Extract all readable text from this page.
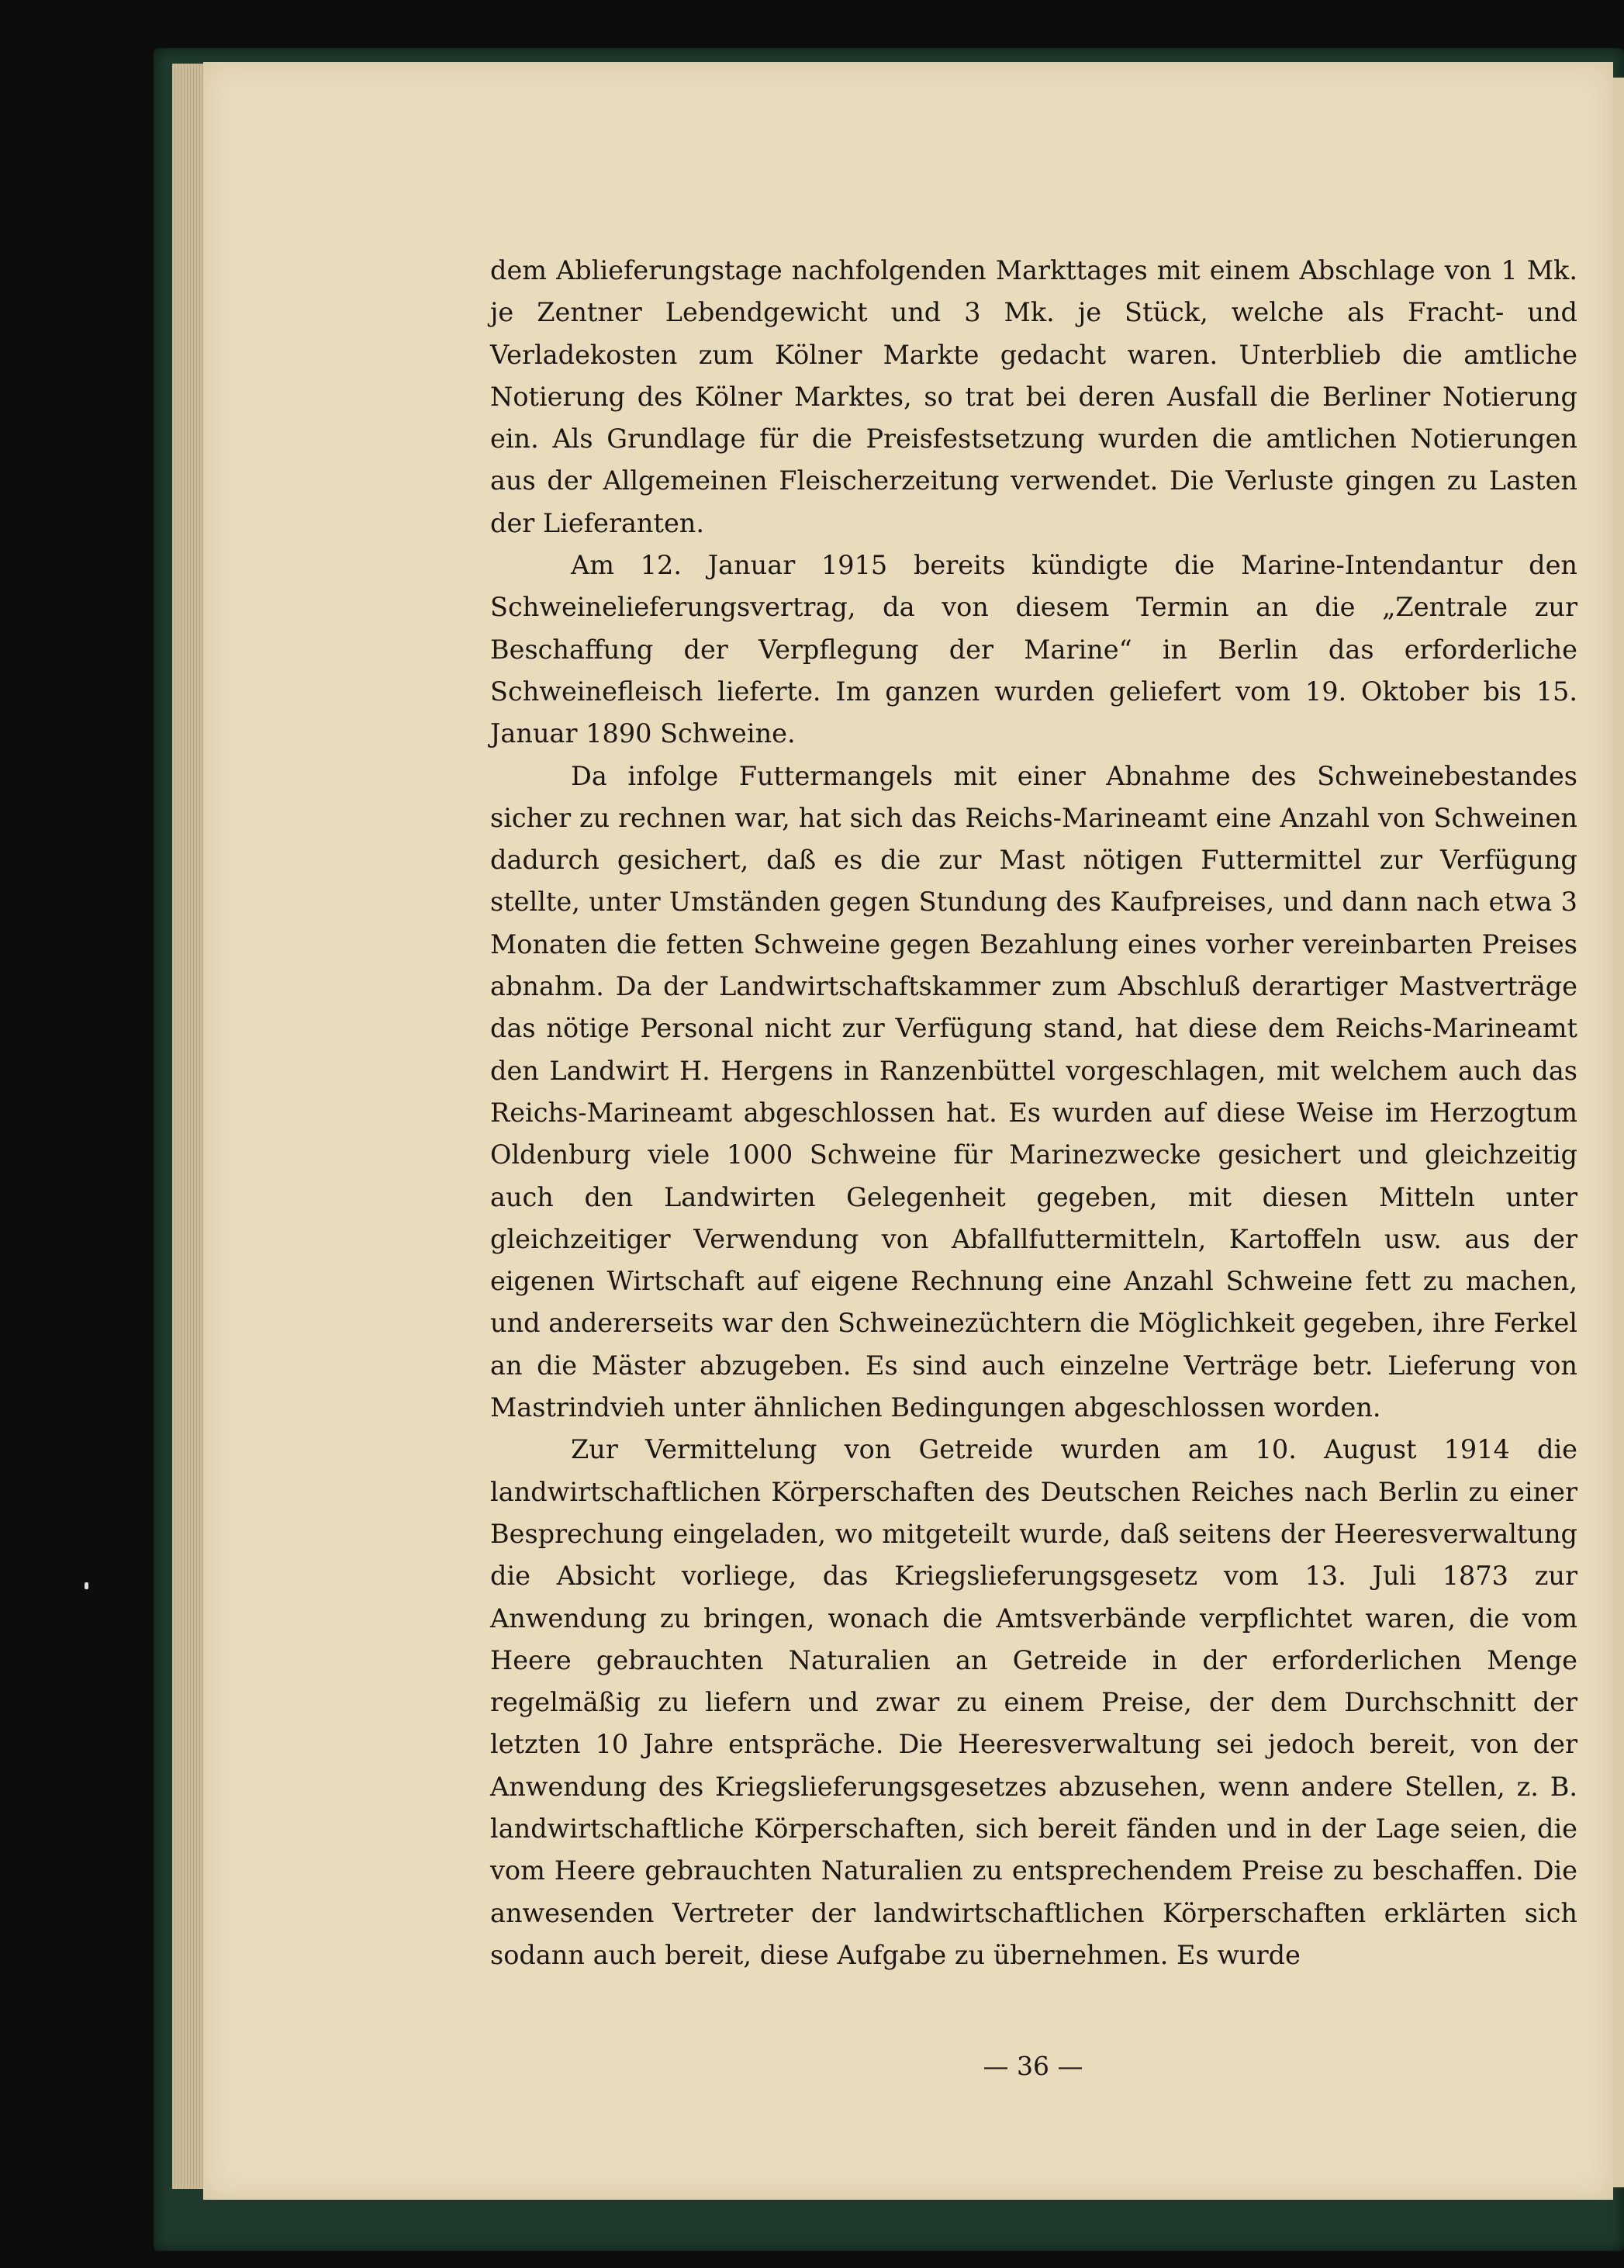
dem Ablieferungstage nachfolgenden Markttages mit einem Abschlage von 1 Mk. je Zentner Lebendgewicht und 3 Mk. je Stück, welche als Fracht- und Verladekosten zum Kölner Markte gedacht waren. Unterblieb die amtliche Notierung des Kölner Marktes, so trat bei deren Ausfall die Berliner Notierung ein. Als Grundlage für die Preisfestsetzung wurden die amtlichen Notierungen aus der Allgemeinen Fleischerzeitung verwendet. Die Verluste gingen zu Lasten der Lieferanten.

Am 12. Januar 1915 bereits kündigte die Marine-Intendantur den Schweinelieferungsvertrag, da von diesem Termin an die „Zentrale zur Beschaffung der Verpflegung der Marine“ in Berlin das erforderliche Schweinefleisch lieferte. Im ganzen wurden geliefert vom 19. Oktober bis 15. Januar 1890 Schweine.

Da infolge Futtermangels mit einer Abnahme des Schweinebestandes sicher zu rechnen war, hat sich das Reichs-Marineamt eine Anzahl von Schweinen dadurch gesichert, daß es die zur Mast nötigen Futtermittel zur Verfügung stellte, unter Umständen gegen Stundung des Kaufpreises, und dann nach etwa 3 Monaten die fetten Schweine gegen Bezahlung eines vorher vereinbarten Preises abnahm. Da der Landwirtschaftskammer zum Abschluß derartiger Mastverträge das nötige Personal nicht zur Verfügung stand, hat diese dem Reichs-Marineamt den Landwirt H. Hergens in Ranzenbüttel vorgeschlagen, mit welchem auch das Reichs-Marineamt abgeschlossen hat. Es wurden auf diese Weise im Herzogtum Oldenburg viele 1000 Schweine für Marinezwecke gesichert und gleichzeitig auch den Landwirten Gelegenheit gegeben, mit diesen Mitteln unter gleichzeitiger Verwendung von Abfallfuttermitteln, Kartoffeln usw. aus der eigenen Wirtschaft auf eigene Rechnung eine Anzahl Schweine fett zu machen, und andererseits war den Schweinezüchtern die Möglichkeit gegeben, ihre Ferkel an die Mäster abzugeben. Es sind auch einzelne Verträge betr. Lieferung von Mastrindvieh unter ähnlichen Bedingungen abgeschlossen worden.

Zur Vermittelung von Getreide wurden am 10. August 1914 die landwirtschaftlichen Körperschaften des Deutschen Reiches nach Berlin zu einer Besprechung eingeladen, wo mitgeteilt wurde, daß seitens der Heeresverwaltung die Absicht vorliege, das Kriegslieferungsgesetz vom 13. Juli 1873 zur Anwendung zu bringen, wonach die Amtsverbände verpflichtet waren, die vom Heere gebrauchten Naturalien an Getreide in der erforderlichen Menge regelmäßig zu liefern und zwar zu einem Preise, der dem Durchschnitt der letzten 10 Jahre entspräche. Die Heeresverwaltung sei jedoch bereit, von der Anwendung des Kriegslieferungsgesetzes abzusehen, wenn andere Stellen, z. B. landwirtschaftliche Körperschaften, sich bereit fänden und in der Lage seien, die vom Heere gebrauchten Naturalien zu entsprechendem Preise zu beschaffen. Die anwesenden Vertreter der landwirtschaftlichen Körperschaften erklärten sich sodann auch bereit, diese Aufgabe zu übernehmen. Es wurde

— 36 —
